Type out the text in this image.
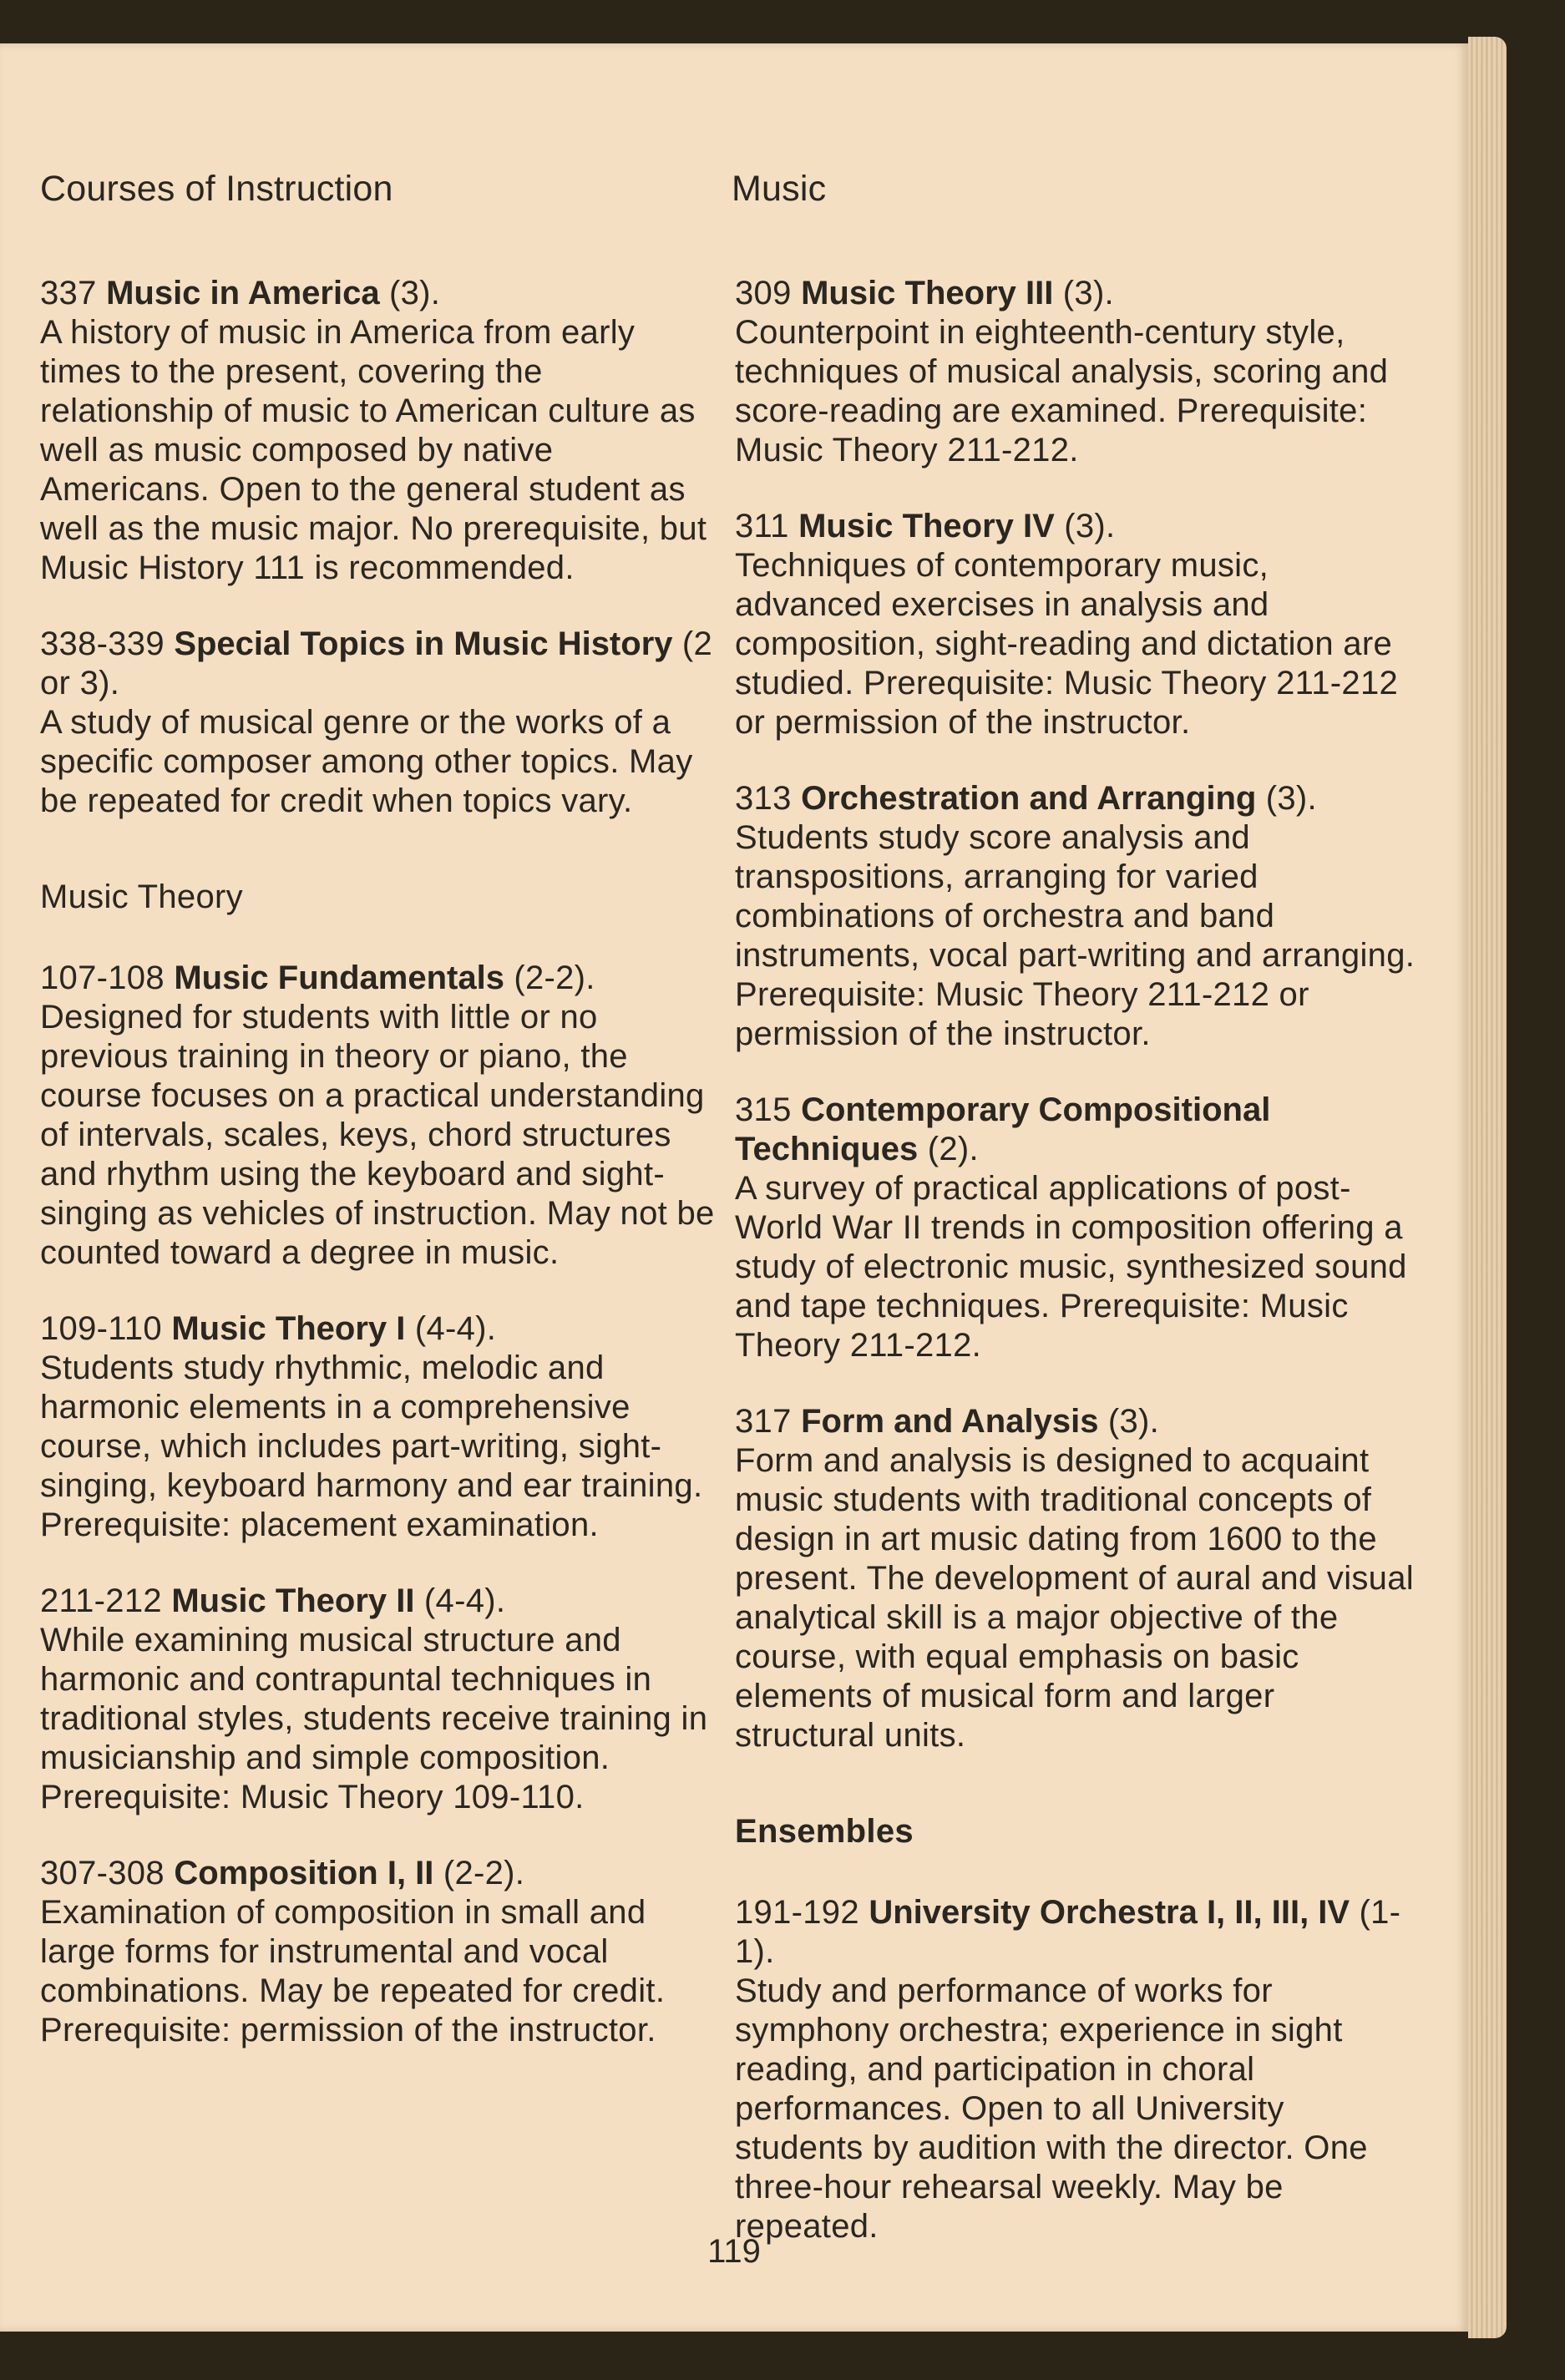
Courses of Instruction	Music
337 Music in America (3).
A history of music in America from early times to the present, covering the relationship of music to American culture as well as music composed by native Americans. Open to the general student as well as the music major. No prerequisite, but Music History 111 is recommended.
338-339 Special Topics in Music History (2 or 3).
A study of musical genre or the works of a specific composer among other topics. May be repeated for credit when topics vary.
Music Theory
107-108 Music Fundamentals (2-2).
Designed for students with little or no previous training in theory or piano, the course focuses on a practical understanding of intervals, scales, keys, chord structures and rhythm using the keyboard and sight-singing as vehicles of instruction. May not be counted toward a degree in music.
109-110 Music Theory I (4-4).
Students study rhythmic, melodic and harmonic elements in a comprehensive course, which includes part-writing, sight-singing, keyboard harmony and ear training. Prerequisite: placement examination.
211-212 Music Theory II (4-4).
While examining musical structure and harmonic and contrapuntal techniques in traditional styles, students receive training in musicianship and simple composition. Prerequisite: Music Theory 109-110.
307-308 Composition I, II (2-2).
Examination of composition in small and large forms for instrumental and vocal combinations. May be repeated for credit. Prerequisite: permission of the instructor.
309 Music Theory III (3).
Counterpoint in eighteenth-century style, techniques of musical analysis, scoring and score-reading are examined. Prerequisite: Music Theory 211-212.
311 Music Theory IV (3).
Techniques of contemporary music, advanced exercises in analysis and composition, sight-reading and dictation are studied. Prerequisite: Music Theory 211-212 or permission of the instructor.
313 Orchestration and Arranging (3).
Students study score analysis and transpositions, arranging for varied combinations of orchestra and band instruments, vocal part-writing and arranging. Prerequisite: Music Theory 211-212 or permission of the instructor.
315 Contemporary Compositional Techniques (2).
A survey of practical applications of post-World War II trends in composition offering a study of electronic music, synthesized sound and tape techniques. Prerequisite: Music Theory 211-212.
317 Form and Analysis (3).
Form and analysis is designed to acquaint music students with traditional concepts of design in art music dating from 1600 to the present. The development of aural and visual analytical skill is a major objective of the course, with equal emphasis on basic elements of musical form and larger structural units.
Ensembles
191-192 University Orchestra I, II, III, IV (1-1).
Study and performance of works for symphony orchestra; experience in sight reading, and participation in choral performances. Open to all University students by audition with the director. One three-hour rehearsal weekly. May be repeated.
119
